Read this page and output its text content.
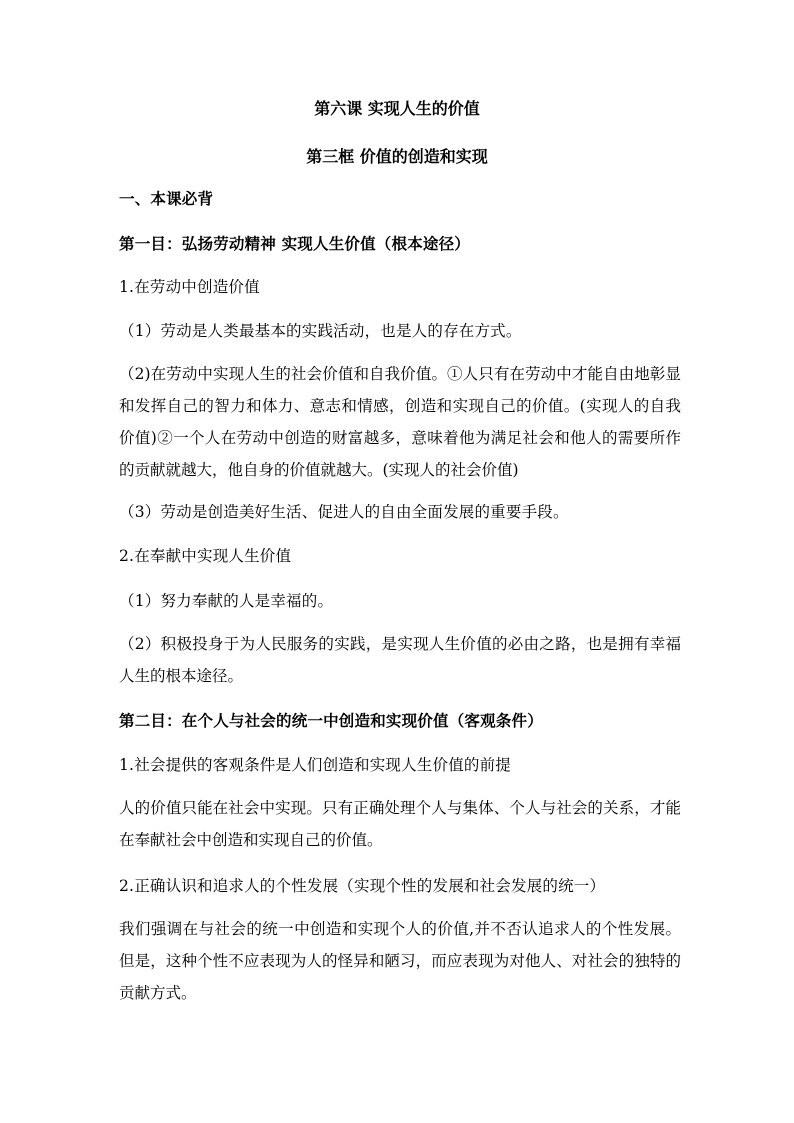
第六课 实现人生的价值

第三框 价值的创造和实现

一、本课必背

第一目：弘扬劳动精神 实现人生价值（根本途径）

1.在劳动中创造价值

（1）劳动是人类最基本的实践活动，也是人的存在方式。

（2)在劳动中实现人生的社会价值和自我价值。①人只有在劳动中才能自由地彰显和发挥自己的智力和体力、意志和情感，创造和实现自己的价值。(实现人的自我价值)②一个人在劳动中创造的财富越多，意味着他为满足社会和他人的需要所作的贡献就越大，他自身的价值就越大。(实现人的社会价值)

（3）劳动是创造美好生活、促进人的自由全面发展的重要手段。

2.在奉献中实现人生价值

（1）努力奉献的人是幸福的。

（2）积极投身于为人民服务的实践，是实现人生价值的必由之路，也是拥有幸福人生的根本途径。

第二目：在个人与社会的统一中创造和实现价值（客观条件）

1.社会提供的客观条件是人们创造和实现人生价值的前提

人的价值只能在社会中实现。只有正确处理个人与集体、个人与社会的关系，才能在奉献社会中创造和实现自己的价值。

2.正确认识和追求人的个性发展（实现个性的发展和社会发展的统一）

我们强调在与社会的统一中创造和实现个人的价值,并不否认追求人的个性发展。但是，这种个性不应表现为人的怪异和陋习，而应表现为对他人、对社会的独特的贡献方式。
